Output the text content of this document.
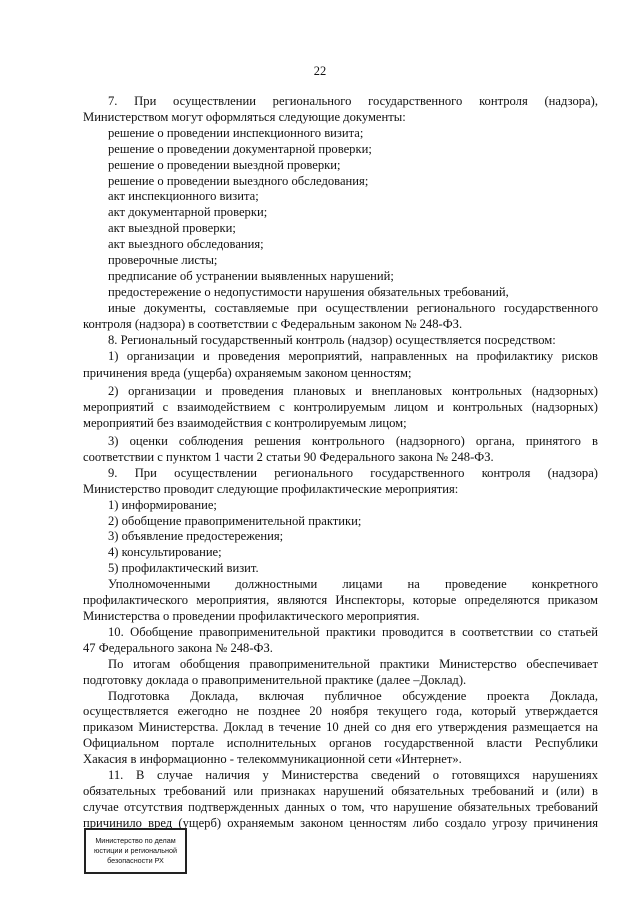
22

7. При осуществлении регионального государственного контроля (надзора),

Министерством могут оформляться следующие документы:

решение о проведении инспекционного визита;

решение о проведении документарной проверки;

решение о проведении выездной проверки;

решение о проведении выездного обследования;

акт инспекционного визита;

акт документарной проверки;

акт выездной проверки;

акт выездного обследования;

проверочные листы;

предписание об устранении выявленных нарушений;

предостережение о недопустимости нарушения обязательных требований,

иные документы, составляемые при осуществлении регионального государственного

контроля (надзора) в соответствии с Федеральным законом № 248-ФЗ.

8. Региональный государственный контроль (надзор) осуществляется посредством:

1) организации и проведения мероприятий, направленных на профилактику рисков

причинения вреда (ущерба) охраняемым законом ценностям;

2) организации и проведения плановых и внеплановых контрольных (надзорных)

мероприятий с взаимодействием с контролируемым лицом и контрольных (надзорных)

мероприятий без взаимодействия с контролируемым лицом;

3) оценки соблюдения решения контрольного (надзорного) органа, принятого в

соответствии с пунктом 1 части 2 статьи 90 Федерального закона № 248-ФЗ.

9. При осуществлении регионального государственного контроля (надзора)

Министерство проводит следующие профилактические мероприятия:

1) информирование;

2) обобщение правоприменительной практики;

3) объявление предостережения;

4) консультирование;

5) профилактический визит.

Уполномоченными должностными лицами на проведение конкретного

профилактического мероприятия, являются Инспекторы, которые определяются приказом

Министерства о проведении профилактического мероприятия.

10. Обобщение правоприменительной практики проводится в соответствии со статьей

47 Федерального закона № 248-ФЗ.

По итогам обобщения правоприменительной практики Министерство обеспечивает

подготовку доклада о правоприменительной практике (далее –Доклад).

Подготовка Доклада, включая публичное обсуждение проекта Доклада,

осуществляется ежегодно не позднее 20 ноября текущего года, который утверждается

приказом Министерства. Доклад в течение 10 дней со дня его утверждения размещается на

Официальном портале исполнительных органов государственной власти Республики

Хакасия в информационно - телекоммуникационной сети «Интернет».

11. В случае наличия у Министерства сведений о готовящихся нарушениях

обязательных требований или признаках нарушений обязательных требований и (или) в

случае отсутствия подтвержденных данных о том, что нарушение обязательных требований

причинило вред (ущерб) охраняемым законом ценностям либо создало угрозу причинения

Министерство по делам
юстиции и региональной
безопасности РХ
